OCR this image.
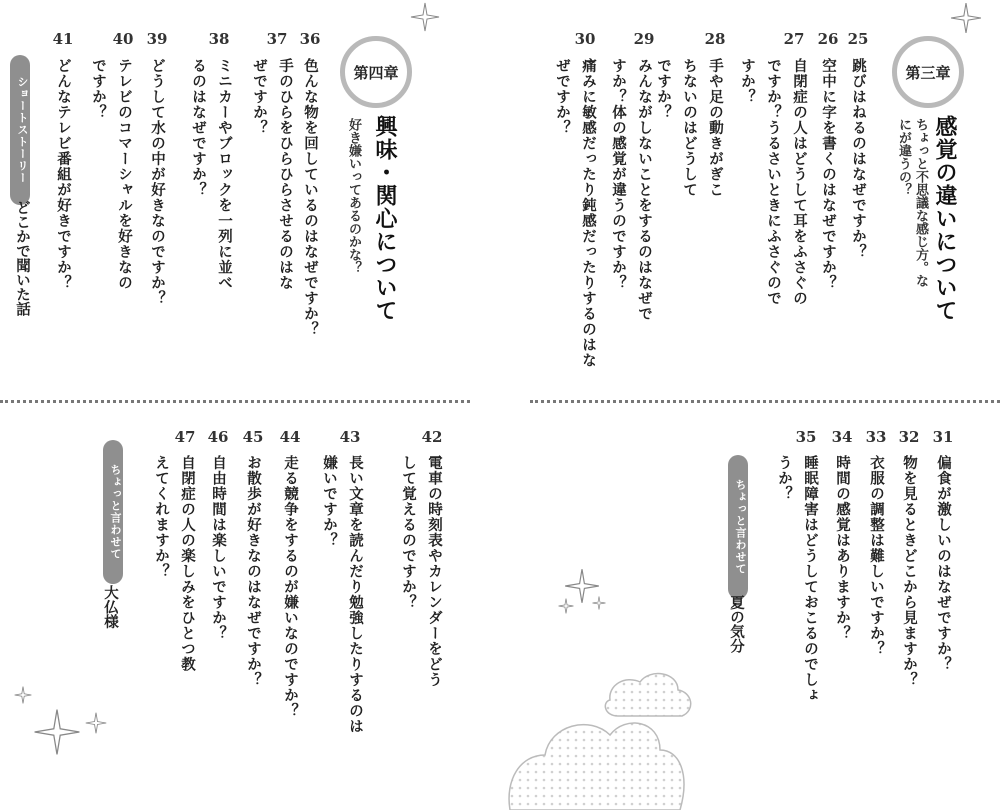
36
色んな物を回しているのはなぜですか？
37
手のひらをひらひらさせるのはなぜですか？
38
ミニカーやブロックを一列に並べるのはなぜですか？
39
どうして水の中が好きなのですか？
40
テレビのコマーシャルを好きなのですか？
41
どんなテレビ番組が好きですか？	第四章
興味・関心について
好き嫌いってあるのかな？
ショートストーリー
どこかで聞いた話
42
電車の時刻表やカレンダーをどうして覚えるのですか？
43
長い文章を読んだり勉強したりするのは嫌いですか？
44
走る競争をするのが嫌いなのですか？
45
お散歩が好きなのはなぜですか？
46
自由時間は楽しいですか？
47
自閉症の人の楽しみをひとつ教えてくれますか？
ちょっと言わせて
大仏様
第三章
感覚の違いについて
ちょっと不思議な感じ方。なにが違うの？
25
跳びはねるのはなぜですか？
26
空中に字を書くのはなぜですか？
27
自閉症の人はどうして耳をふさぐのですか？うるさいときにふさぐのですか？
28
手や足の動きがぎこちないのはどうしてですか？
29
みんながしないことをするのはなぜですか？体の感覚が違うのですか？
30
痛みに敏感だったり鈍感だったりするのはなぜですか？
31
偏食が激しいのはなぜですか？
32
物を見るときどこから見ますか？
33
衣服の調整は難しいですか？
34
時間の感覚はありますか？
35
睡眠障害はどうしておこるのでしょうか？
ちょっと言わせて
夏の気分
